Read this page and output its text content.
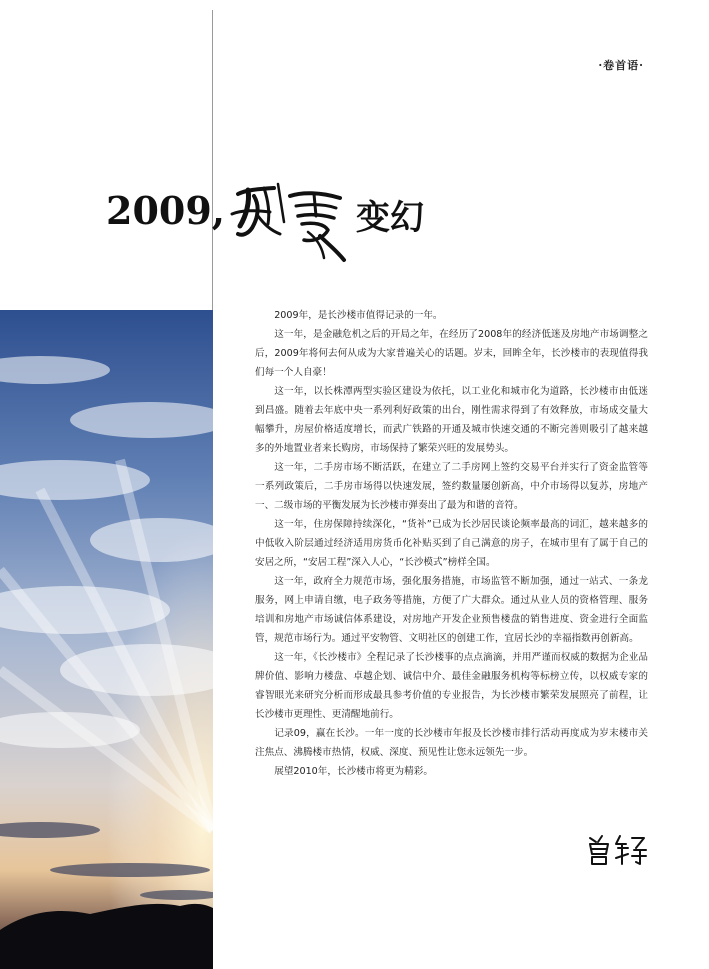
·卷首语·
2009,	变幻

2009年，是长沙楼市值得记录的一年。

这一年，是金融危机之后的开局之年，在经历了2008年的经济低迷及房地产市场调整之后，2009年将何去何从成为大家普遍关心的话题。岁末，回眸全年，长沙楼市的表现值得我们每一个人自豪！

这一年，以长株潭两型实验区建设为依托，以工业化和城市化为道路，长沙楼市由低迷到昌盛。随着去年底中央一系列利好政策的出台，刚性需求得到了有效释放，市场成交量大幅攀升，房屋价格适度增长，而武广铁路的开通及城市快速交通的不断完善则吸引了越来越多的外地置业者来长购房，市场保持了繁荣兴旺的发展势头。

这一年，二手房市场不断活跃，在建立了二手房网上签约交易平台并实行了资金监管等一系列政策后，二手房市场得以快速发展，签约数量屡创新高，中介市场得以复苏，房地产一、二级市场的平衡发展为长沙楼市弹奏出了最为和谐的音符。

这一年，住房保障持续深化，“货补”已成为长沙居民谈论频率最高的词汇，越来越多的中低收入阶层通过经济适用房货币化补贴买到了自己满意的房子，在城市里有了属于自己的安居之所，“安居工程”深入人心，“长沙模式”榜样全国。

这一年，政府全力规范市场，强化服务措施，市场监管不断加强，通过一站式、一条龙服务，网上申请自缴，电子政务等措施，方便了广大群众。通过从业人员的资格管理、服务培训和房地产市场诚信体系建设，对房地产开发企业预售楼盘的销售进度、资金进行全面监管，规范市场行为。通过平安物管、文明社区的创建工作，宜居长沙的幸福指数再创新高。

这一年，《长沙楼市》全程记录了长沙楼事的点点滴滴，并用严谨而权威的数据为企业品牌价值、影响力楼盘、卓越企划、诚信中介、最佳金融服务机构等标榜立传，以权威专家的睿智眼光来研究分析而形成最具参考价值的专业报告，为长沙楼市繁荣发展照亮了前程，让长沙楼市更理性、更清醒地前行。

记录09，赢在长沙。一年一度的长沙楼市年报及长沙楼市排行活动再度成为岁末楼市关注焦点、沸腾楼市热情，权威、深度、预见性让您永远领先一步。

展望2010年，长沙楼市将更为精彩。
